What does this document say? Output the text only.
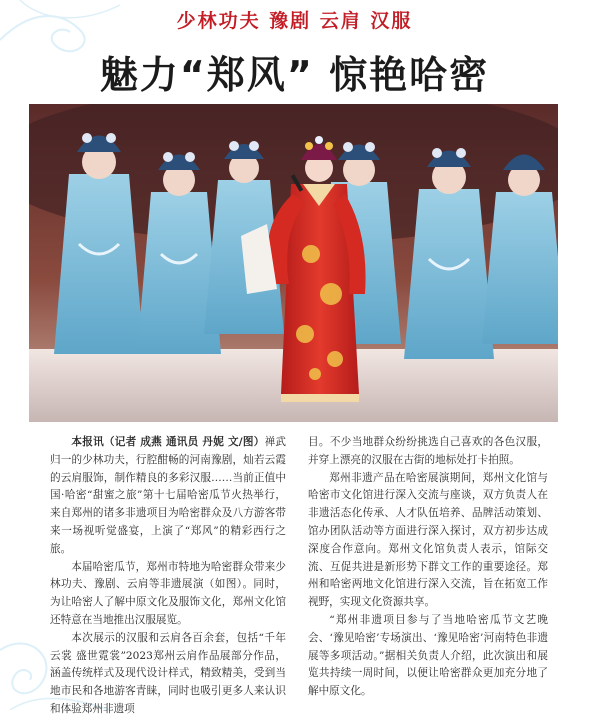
少林功夫 豫剧 云肩 汉服
魅力“郑风” 惊艳哈密

  本报讯（记者 成燕 通讯员 丹妮 文/图）禅武归一的少林功夫，行腔酣畅的河南豫剧，灿若云霞的云肩服饰，制作精良的多彩汉服……当前正值中国·哈密“甜蜜之旅”第十七届哈密瓜节火热举行，来自郑州的诸多非遗项目为哈密群众及八方游客带来一场视听觉盛宴，上演了“郑风”的精彩西行之旅。

本届哈密瓜节，郑州市特地为哈密群众带来少林功夫、豫剧、云肩等非遗展演（如图）。同时，为让哈密人了解中原文化及服饰文化，郑州文化馆还特意在当地推出汉服展览。

本次展示的汉服和云肩各百余套，包括“千年云裳 盛世霓裳”2023郑州云肩作品展部分作品，涵盖传统样式及现代设计样式，精致精美，受到当地市民和各地游客青睐，同时也吸引更多人来认识和体验郑州非遗项

目。不少当地群众纷纷挑选自己喜欢的各色汉服，并穿上漂亮的汉服在古街的地标处打卡拍照。

郑州非遗产品在哈密展演期间，郑州文化馆与哈密市文化馆进行深入交流与座谈，双方负责人在非遗活态化传承、人才队伍培养、品牌活动策划、馆办团队活动等方面进行深入探讨，双方初步达成深度合作意向。郑州文化馆负责人表示，馆际交流、互促共进是新形势下群文工作的重要途径。郑州和哈密两地文化馆进行深入交流，旨在拓宽工作视野，实现文化资源共享。

“郑州非遗项目参与了当地哈密瓜节文艺晚会、‘豫见哈密’专场演出、‘豫见哈密’河南特色非遗展等多项活动。”据相关负责人介绍，此次演出和展览共持续一周时间，以便让哈密群众更加充分地了解中原文化。
